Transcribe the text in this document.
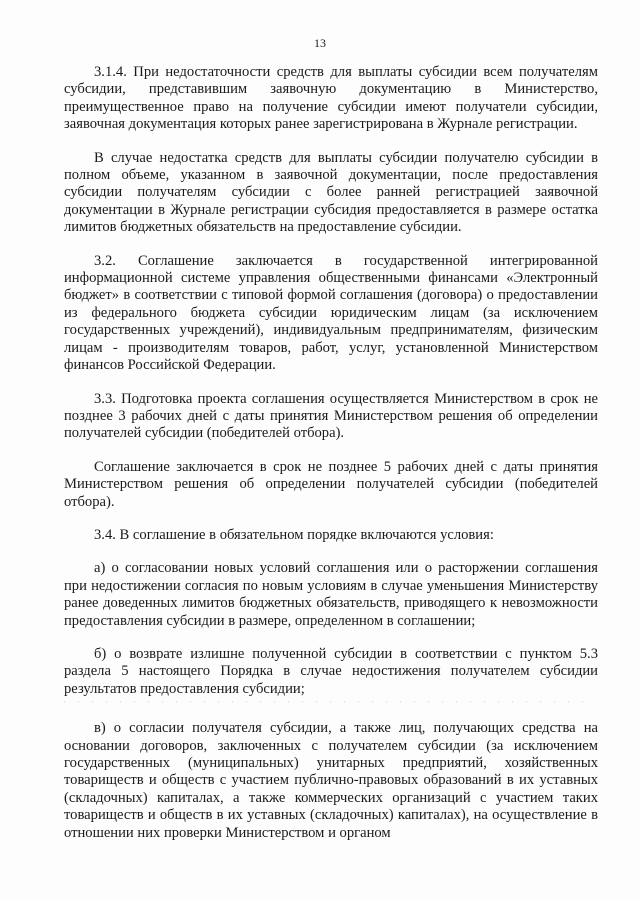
13

3.1.4. При недостаточности средств для выплаты субсидии всем получателям субсидии, представившим заявочную документацию в Министерство, преимущественное право на получение субсидии имеют получатели субсидии, заявочная документация которых ранее зарегистрирована в Журнале регистрации.

В случае недостатка средств для выплаты субсидии получателю субсидии в полном объеме, указанном в заявочной документации, после предоставления субсидии получателям субсидии с более ранней регистрацией заявочной документации в Журнале регистрации субсидия предоставляется в размере остатка лимитов бюджетных обязательств на предоставление субсидии.

3.2. Соглашение заключается в государственной интегрированной информационной системе управления общественными финансами «Электронный бюджет» в соответствии с типовой формой соглашения (договора) о предоставлении из федерального бюджета субсидии юридическим лицам (за исключением государственных учреждений), индивидуальным предпринимателям, физическим лицам - производителям товаров, работ, услуг, установленной Министерством финансов Российской Федерации.

3.3. Подготовка проекта соглашения осуществляется Министерством в срок не позднее 3 рабочих дней с даты принятия Министерством решения об определении получателей субсидии (победителей отбора).

Соглашение заключается в срок не позднее 5 рабочих дней с даты принятия Министерством решения об определении получателей субсидии (победителей отбора).

3.4. В соглашение в обязательном порядке включаются условия:

а) о согласовании новых условий соглашения или о расторжении соглашения при недостижении согласия по новым условиям в случае уменьшения Министерству ранее доведенных лимитов бюджетных обязательств, приводящего к невозможности предоставления субсидии в размере, определенном в соглашении;

б) о возврате излишне полученной субсидии в соответствии с пунктом 5.3 раздела 5 настоящего Порядка в случае недостижения получателем субсидии результатов предоставления субсидии;

в) о согласии получателя субсидии, а также лиц, получающих средства на основании договоров, заключенных с получателем субсидии (за исключением государственных (муниципальных) унитарных предприятий, хозяйственных товариществ и обществ с участием публично-правовых образований в их уставных (складочных) капиталах, а также коммерческих организаций с участием таких товариществ и обществ в их уставных (складочных) капиталах), на осуществление в отношении них проверки Министерством и органом
